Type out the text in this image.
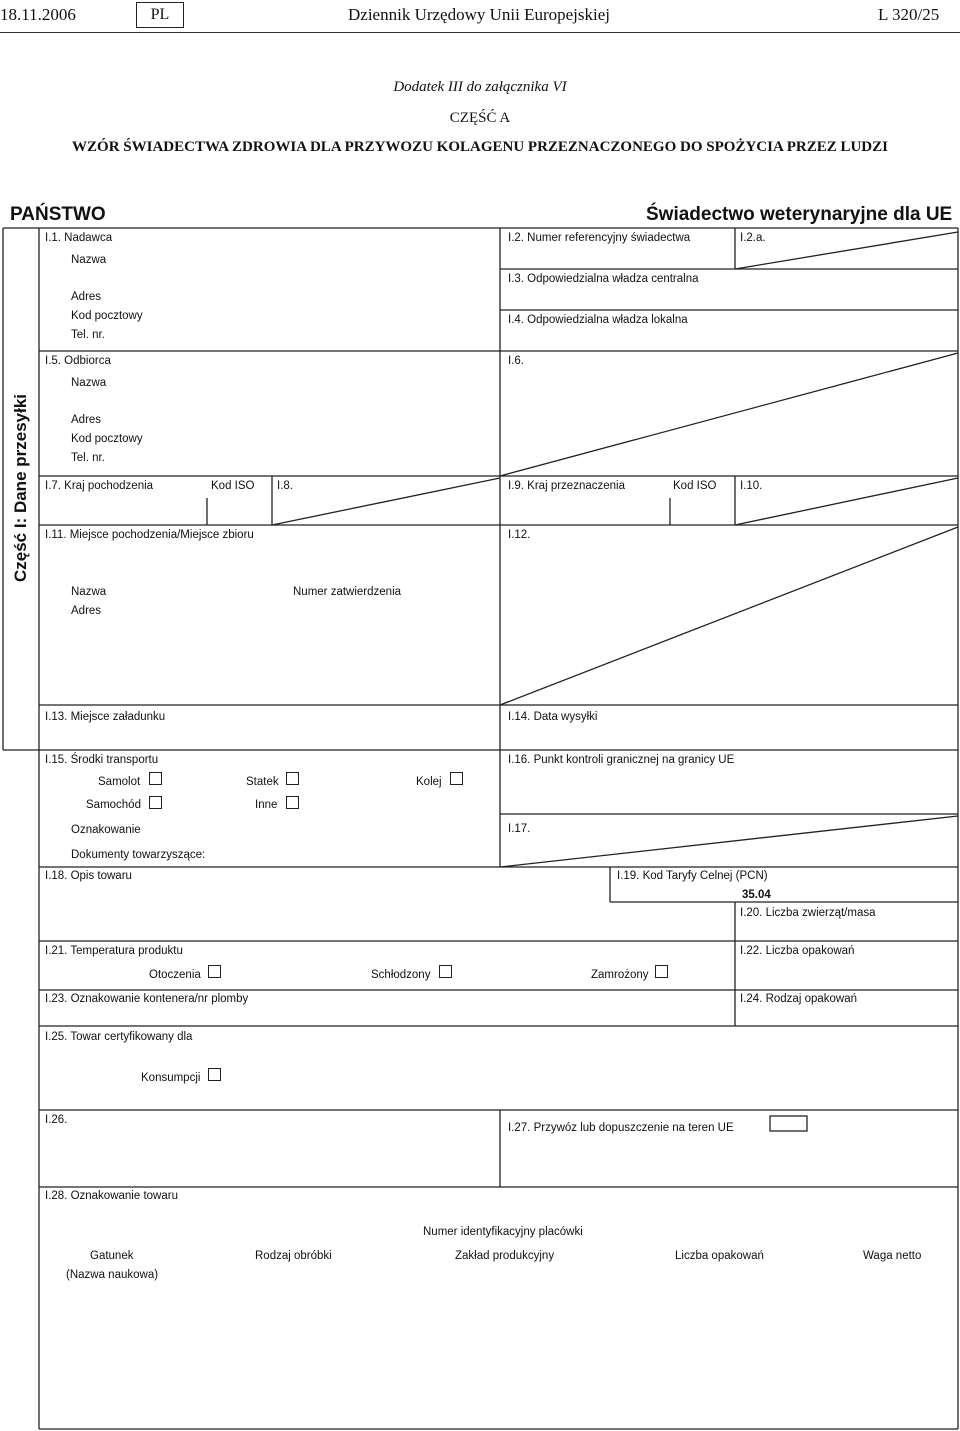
18.11.2006	PL	Dziennik Urzędowy Unii Europejskiej	L 320/25
Dodatek III do załącznika VI
CZĘŚĆ A
WZÓR ŚWIADECTWA ZDROWIA DLA PRZYWOZU KOLAGENU PRZEZNACZONEGO DO SPOŻYCIA PRZEZ LUDZI
PAŃSTWO	Świadectwo weterynaryjne dla UE
Część I: Dane przesyłki
I.1. Nadawca
Nazwa
Adres
Kod pocztowy
Tel. nr.
I.2. Numer referencyjny świadectwa	I.2.a.
I.3. Odpowiedzialna władza centralna
I.4. Odpowiedzialna władza lokalna
I.5. Odbiorca
Nazwa
Adres
Kod pocztowy
Tel. nr.
I.6.
I.7. Kraj pochodzenia	Kod ISO I.8.	I.9. Kraj przeznaczenia	Kod ISO I.10.
I.11. Miejsce pochodzenia/Miejsce zbioru
Nazwa	Numer zatwierdzenia
Adres
I.12.
I.13. Miejsce załadunku	I.14. Data wysyłki
I.15. Środki transportu
Samolot	Statek	Kolej
Samochód	Inne
Oznakowanie
Dokumenty towarzyszące:
I.16. Punkt kontroli granicznej na granicy UE
I.17.
I.18. Opis towaru	I.19. Kod Taryfy Celnej (PCN)
35.04
I.20. Liczba zwierząt/masa
I.21. Temperatura produktu
Otoczenia	Schłodzony	Zamrożony
I.22. Liczba opakowań
I.23. Oznakowanie kontenera/nr plomby	I.24. Rodzaj opakowań
I.25. Towar certyfikowany dla
Konsumpcji
I.26.
I.27. Przywóz lub dopuszczenie na teren UE
I.28. Oznakowanie towaru
Numer identyfikacyjny placówki
Gatunek
(Nazwa naukowa)
Rodzaj obróbki	Zakład produkcyjny	Liczba opakowań	Waga netto
